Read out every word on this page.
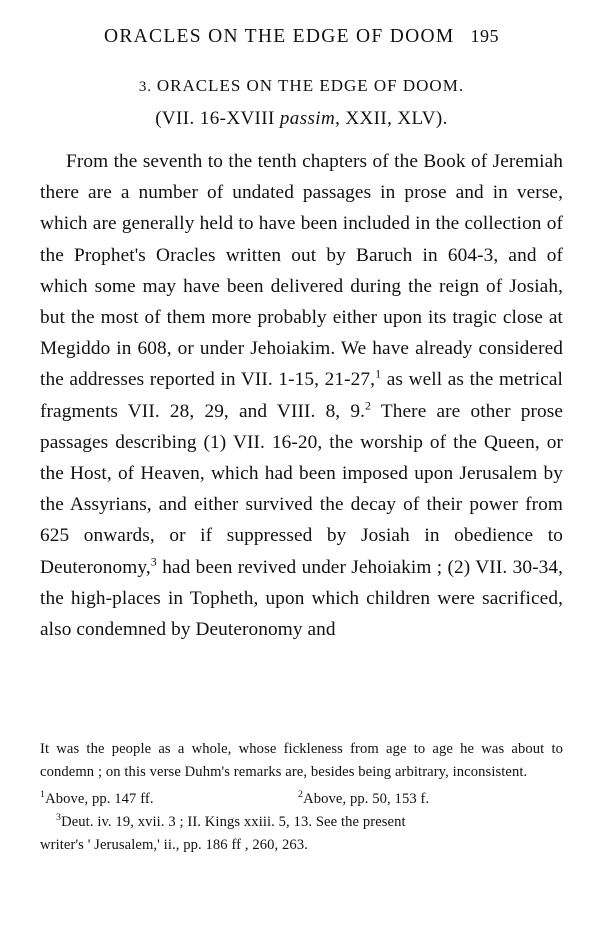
ORACLES ON THE EDGE OF DOOM 195
3. ORACLES ON THE EDGE OF DOOM.
(VII. 16-XVIII passim, XXII, XLV).

From the seventh to the tenth chapters of the Book of Jeremiah there are a number of undated passages in prose and in verse, which are generally held to have been included in the collection of the Prophet's Oracles written out by Baruch in 604-3, and of which some may have been delivered during the reign of Josiah, but the most of them more probably either upon its tragic close at Megiddo in 608, or under Jehoiakim. We have already considered the addresses reported in VII. 1-15, 21-27,$^1$ as well as the metrical fragments VII. 28, 29, and VIII. 8, 9.$^2$ There are other prose passages describing (1) VII. 16-20, the worship of the Queen, or the Host, of Heaven, which had been imposed upon Jerusalem by the Assyrians, and either survived the decay of their power from 625 onwards, or if suppressed by Josiah in obedience to Deuteronomy,$^3$ had been revived under Jehoiakim ; (2) VII. 30-34, the high-places in Topheth, upon which children were sacrificed, also condemned by Deuteronomy and

It was the people as a whole, whose fickleness from age to age he was about to condemn ; on this verse Duhm's remarks are, besides being arbitrary, inconsistent.

$^1$Above, pp. 147 ff.	$^2$Above, pp. 50, 153 f.

$^3$Deut. iv. 19, xvii. 3 ; II. Kings xxiii. 5, 13. See the present

writer's ' Jerusalem,' ii., pp. 186 ff , 260, 263.
